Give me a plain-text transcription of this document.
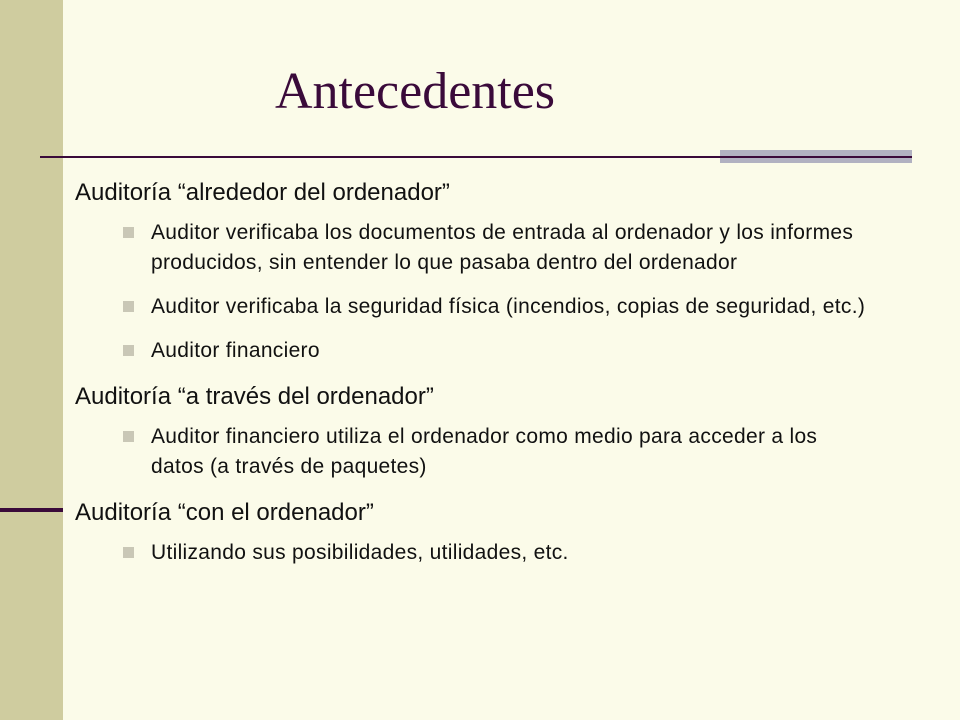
Antecedentes
Auditoría “alrededor del ordenador”
Auditor verificaba los documentos de entrada al ordenador y los informes producidos, sin entender lo que pasaba dentro del ordenador
Auditor verificaba la seguridad física (incendios, copias de seguridad, etc.)
Auditor financiero
Auditoría “a través del ordenador”
Auditor financiero utiliza el ordenador como medio para acceder a los datos (a través de paquetes)
Auditoría “con el ordenador”
Utilizando sus posibilidades, utilidades, etc.
